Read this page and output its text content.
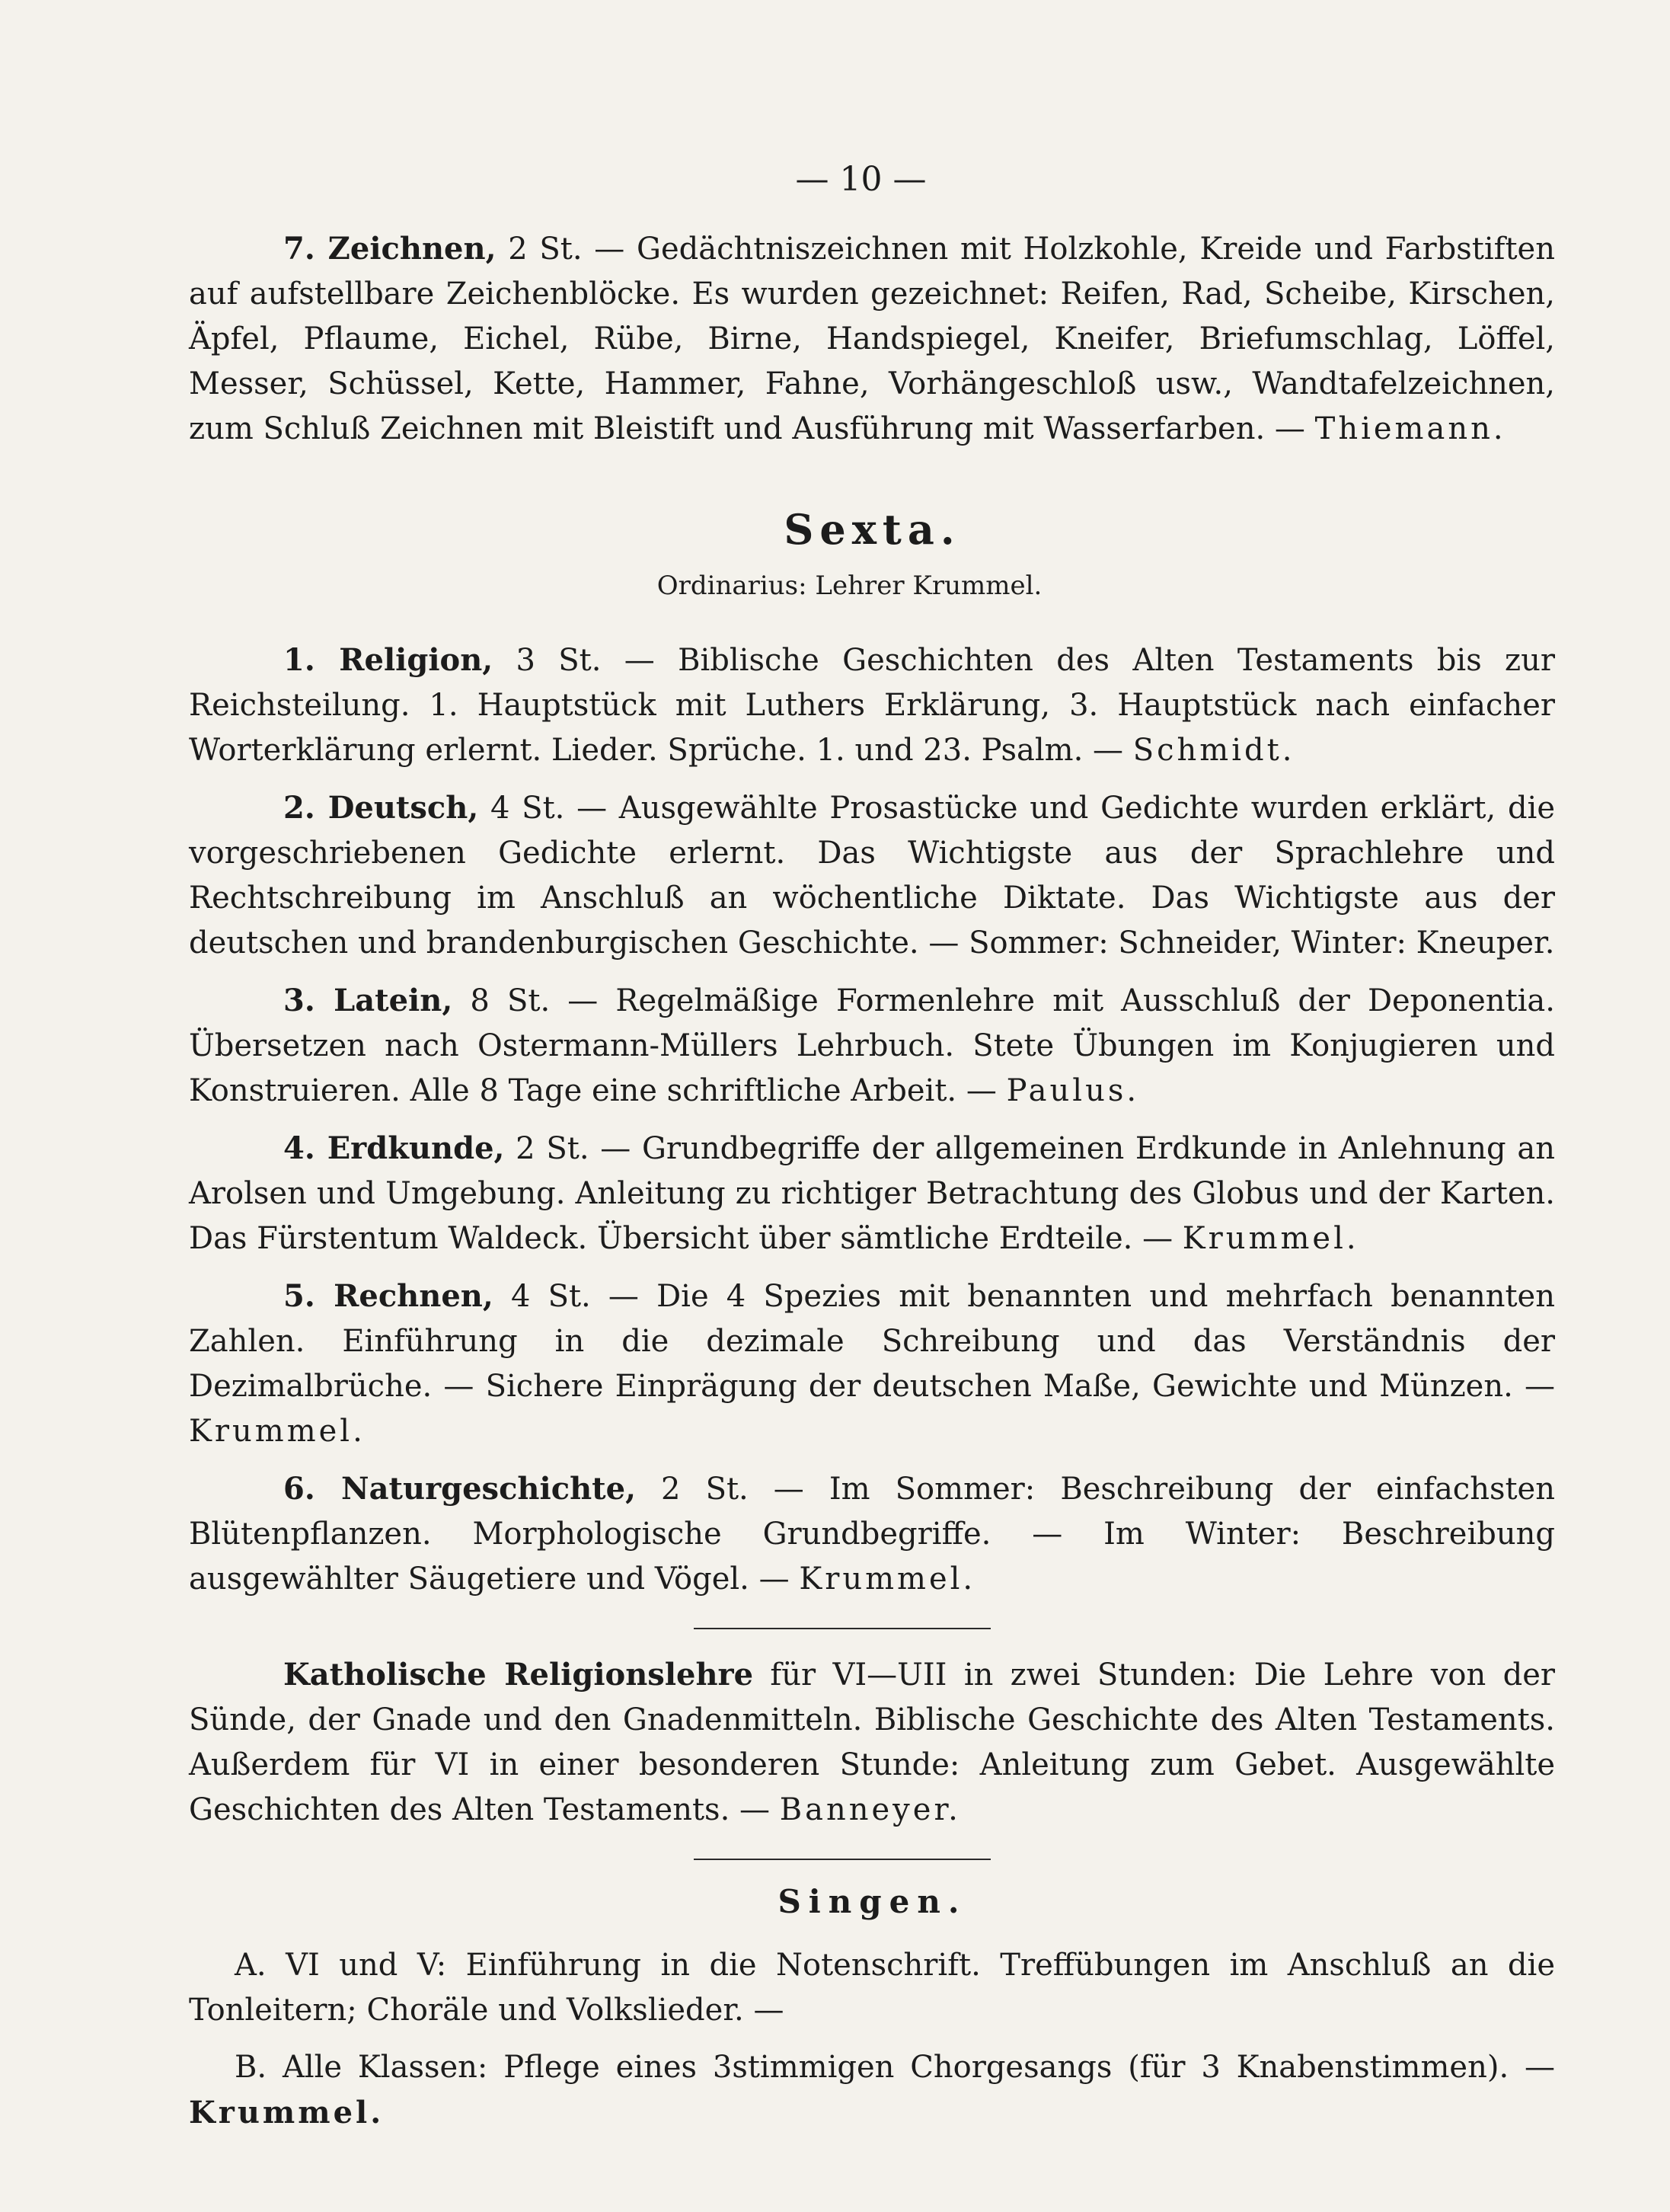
— 10 —

7. Zeichnen, 2 St. — Gedächtniszeichnen mit Holzkohle, Kreide und Farbstiften auf aufstellbare Zeichenblöcke. Es wurden gezeichnet: Reifen, Rad, Scheibe, Kirschen, Äpfel, Pflaume, Eichel, Rübe, Birne, Handspiegel, Kneifer, Briefumschlag, Löffel, Messer, Schüssel, Kette, Hammer, Fahne, Vorhängeschloß usw., Wandtafelzeichnen, zum Schluß Zeichnen mit Bleistift und Ausführung mit Wasserfarben. — Thiemann.

Sexta.
Ordinarius: Lehrer Krummel.

1. Religion, 3 St. — Biblische Geschichten des Alten Testaments bis zur Reichsteilung. 1. Hauptstück mit Luthers Erklärung, 3. Hauptstück nach einfacher Worterklärung erlernt. Lieder. Sprüche. 1. und 23. Psalm. — Schmidt.

2. Deutsch, 4 St. — Ausgewählte Prosastücke und Gedichte wurden erklärt, die vorgeschriebenen Gedichte erlernt. Das Wichtigste aus der Sprachlehre und Rechtschreibung im Anschluß an wöchentliche Diktate. Das Wichtigste aus der deutschen und brandenburgischen Geschichte. — Sommer: Schneider, Winter: Kneuper.

3. Latein, 8 St. — Regelmäßige Formenlehre mit Ausschluß der Deponentia. Übersetzen nach Ostermann-Müllers Lehrbuch. Stete Übungen im Konjugieren und Konstruieren. Alle 8 Tage eine schriftliche Arbeit. — Paulus.

4. Erdkunde, 2 St. — Grundbegriffe der allgemeinen Erdkunde in Anlehnung an Arolsen und Umgebung. Anleitung zu richtiger Betrachtung des Globus und der Karten. Das Fürstentum Waldeck. Übersicht über sämtliche Erdteile. — Krummel.

5. Rechnen, 4 St. — Die 4 Spezies mit benannten und mehrfach benannten Zahlen. Einführung in die dezimale Schreibung und das Verständnis der Dezimalbrüche. — Sichere Einprägung der deutschen Maße, Gewichte und Münzen. — Krummel.

6. Naturgeschichte, 2 St. — Im Sommer: Beschreibung der einfachsten Blütenpflanzen. Morphologische Grundbegriffe. — Im Winter: Beschreibung ausgewählter Säugetiere und Vögel. — Krummel.

Katholische Religionslehre für VI—UII in zwei Stunden: Die Lehre von der Sünde, der Gnade und den Gnadenmitteln. Biblische Geschichte des Alten Testaments. Außerdem für VI in einer besonderen Stunde: Anleitung zum Gebet. Ausgewählte Geschichten des Alten Testaments. — Banneyer.

Singen.

A. VI und V: Einführung in die Notenschrift. Treffübungen im Anschluß an die Tonleitern; Choräle und Volkslieder. —

B. Alle Klassen: Pflege eines 3stimmigen Chorgesangs (für 3 Knabenstimmen). — Krummel.
